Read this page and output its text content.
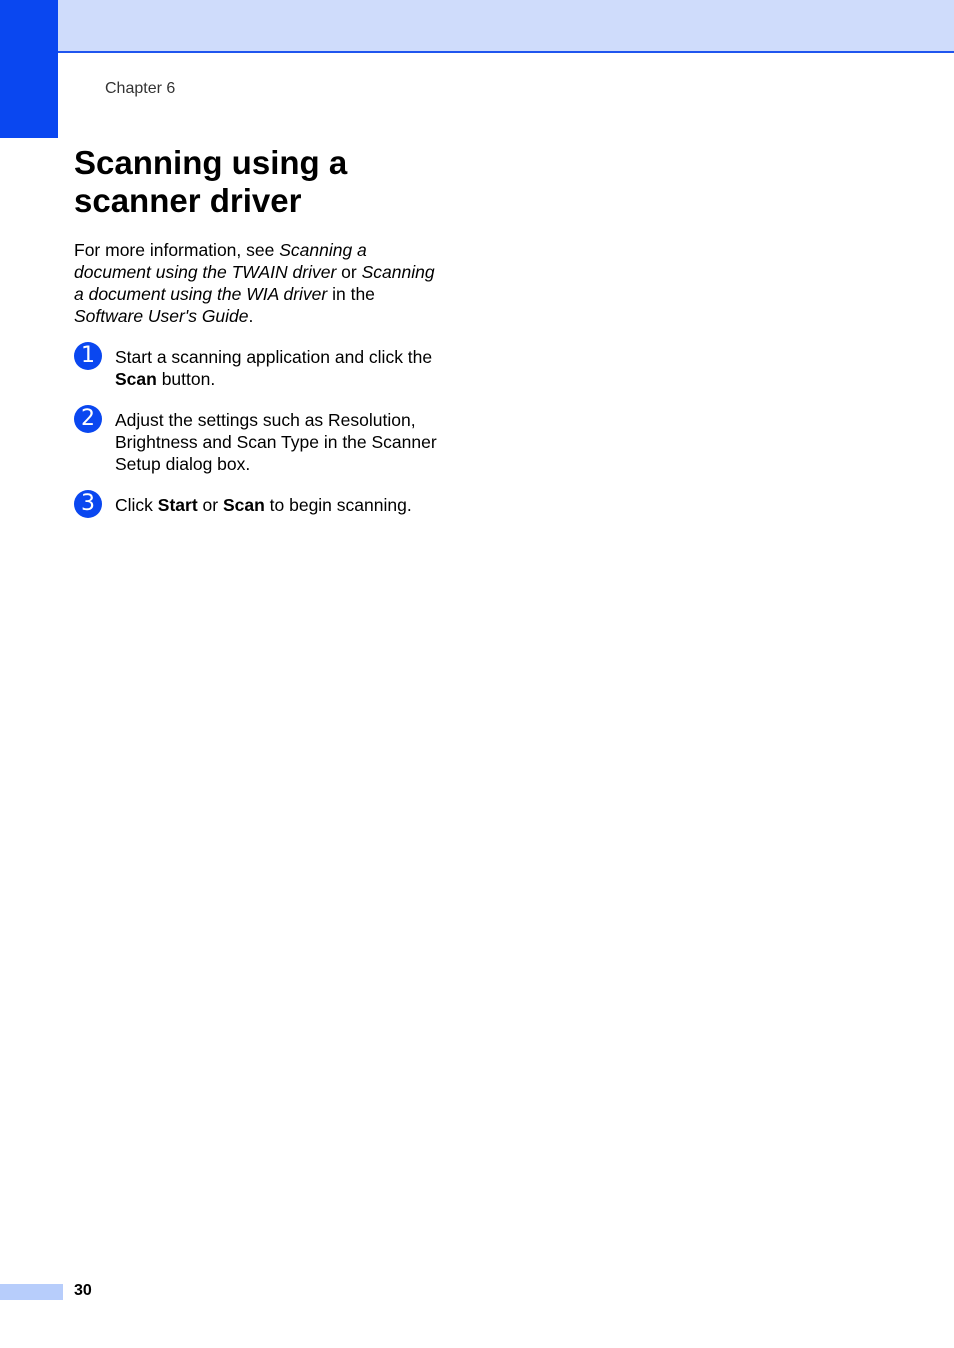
Chapter 6
Scanning using a scanner driver

For more information, see Scanning a document using the TWAIN driver or Scanning a document using the WIA driver in the Software User's Guide.

1	Start a scanning application and click the Scan button.

2	Adjust the settings such as Resolution, Brightness and Scan Type in the Scanner Setup dialog box.

3	Click Start or Scan to begin scanning.

30
